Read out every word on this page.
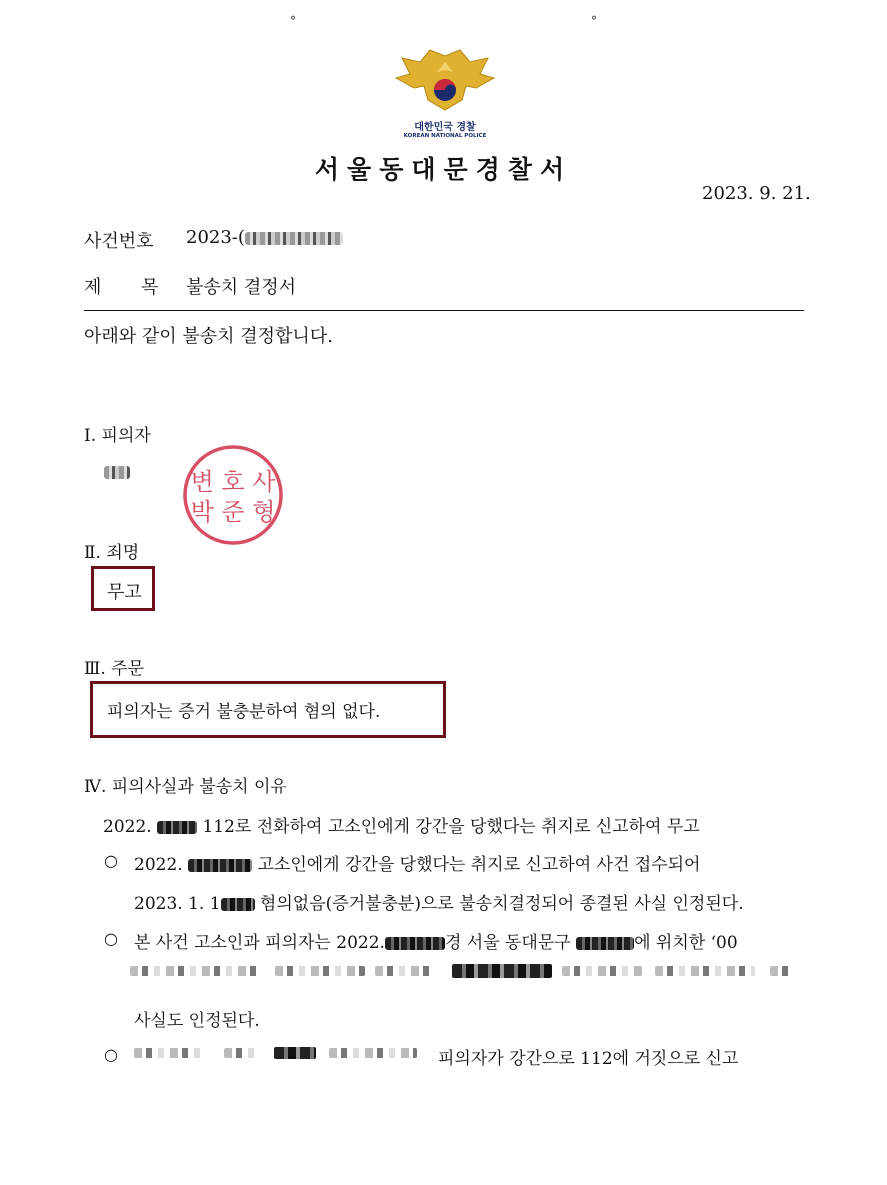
°	°
대한민국 경찰
KOREAN NATIONAL POLICE
서울동대문경찰서
2023. 9. 21.
사건번호 2023-(
제 목 불송치 결정서
아래와 같이 불송치 결정합니다.
Ⅰ. 피의자
변 호 사
박 준 형
Ⅱ. 죄명
무고
Ⅲ. 주문
피의자는 증거 불충분하여 혐의 없다.
Ⅳ. 피의사실과 불송치 이유
2022.	112로 전화하여 고소인에게 강간을 당했다는 취지로 신고하여 무고
○ 2022.	고소인에게 강간을 당했다는 취지로 신고하여 사건 접수되어
2023. 1. 1 혐의없음(증거불충분)으로 불송치결정되어 종결된 사실 인정된다.
○ 본 사건 고소인과 피의자는 2022.	경 서울 동대문구	에 위치한 ‘00
사실도 인정된다.
○	피의자가 강간으로 112에 거짓으로 신고
